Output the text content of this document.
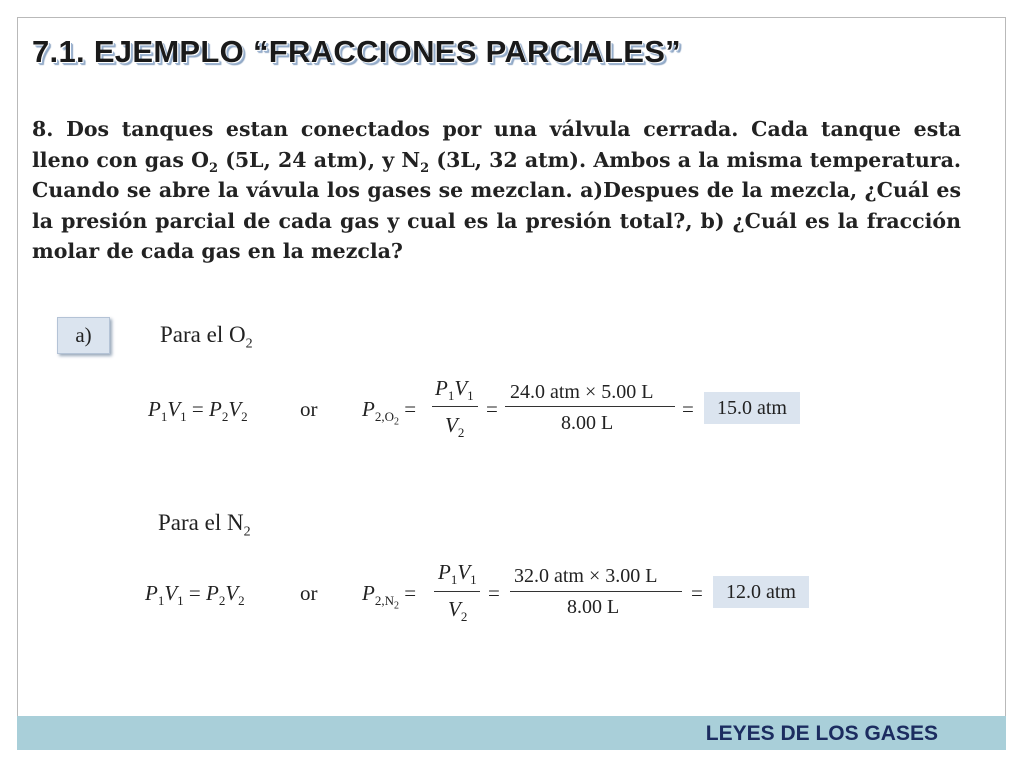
7.1. EJEMPLO “FRACCIONES PARCIALES”

8. Dos tanques estan conectados por una válvula cerrada. Cada tanque esta lleno con gas $O_2$ (5L, 24 atm), y $N_2$ (3L, 32 atm). Ambos a la misma temperatura. Cuando se abre la vávula los gases se mezclan. a)Despues de la mezcla, ¿Cuál es la presión parcial de cada gas y cual es la presión total?, b) ¿Cuál es la fracción molar de cada gas en la mezcla?

a)	Para el $O_2$

$P_1V_1 = P_2V_2$ or $P_{2,O_2}$ =
$P_1V_1$
$V_2$
=
24.0 atm × 5.00 L
8.00 L
=	15.0 atm

Para el $N_2$

$P_1V_1 = P_2V_2$	or $P_{2,N_2}$ =
$P_1V_1$
$V_2$
=
32.0 atm × 3.00 L
8.00 L
=	12.0 atm
LEYES DE LOS GASES
